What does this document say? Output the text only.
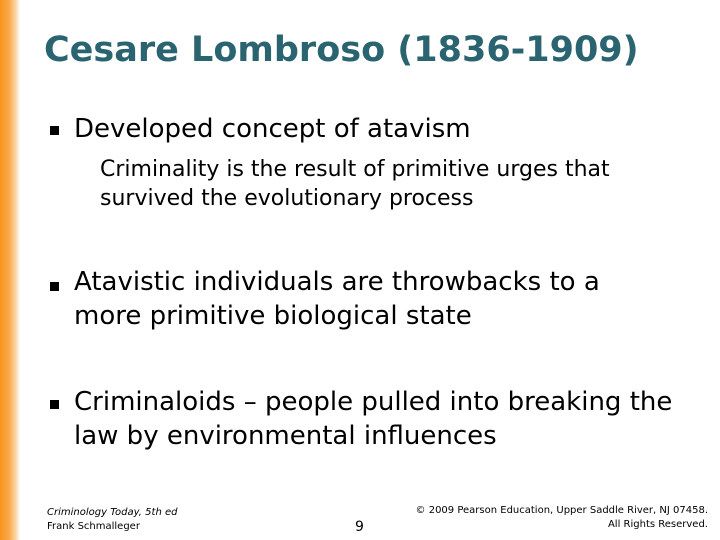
Cesare Lombroso (1836-1909)
Developed concept of atavism
Criminality is the result of primitive urges that survived the evolutionary process
Atavistic individuals are throwbacks to a more primitive biological state
Criminaloids – people pulled into breaking the law by environmental influences
Criminology Today, 5th ed
Frank Schmalleger	9
© 2009 Pearson Education, Upper Saddle River, NJ 07458.
All Rights Reserved.
